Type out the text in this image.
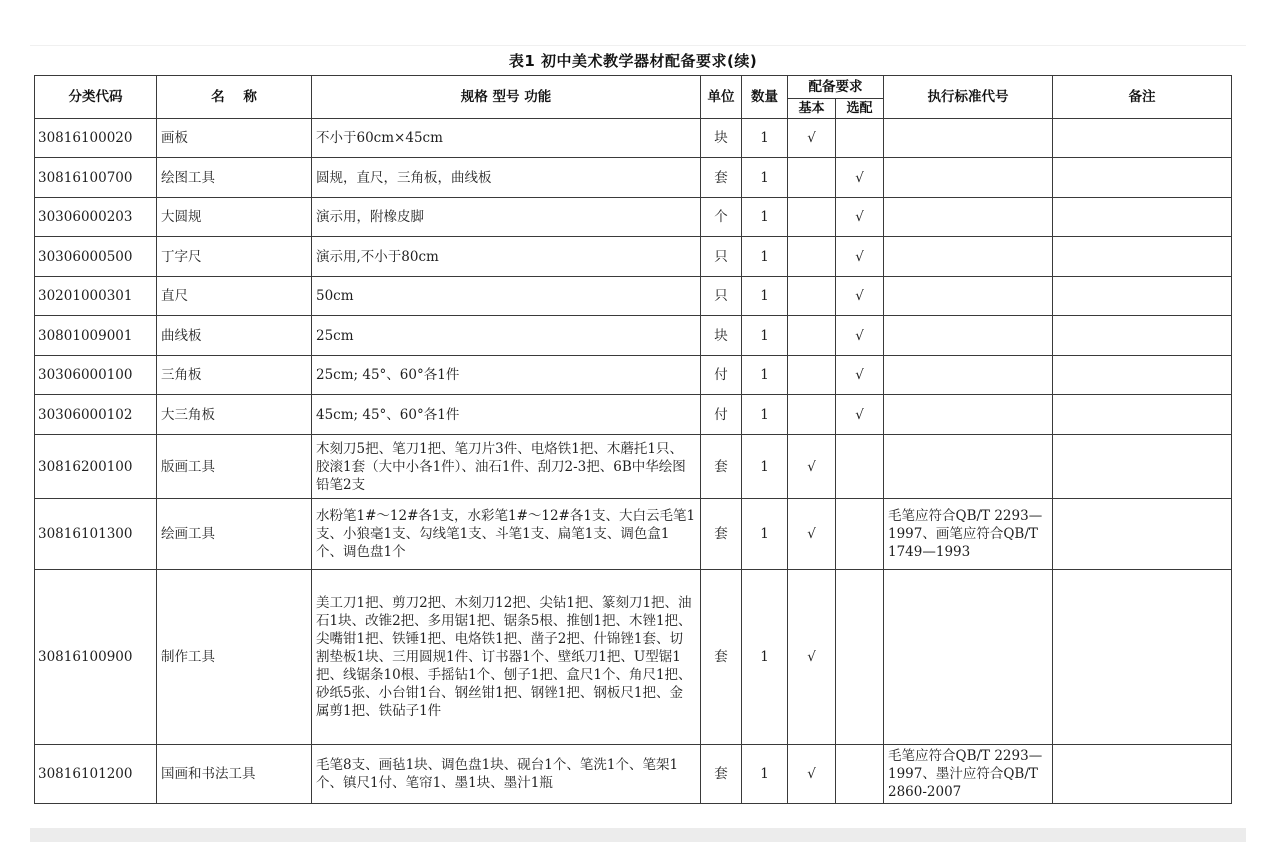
表1 初中美术教学器材配备要求(续)
分类代码	名    称	规格 型号 功能	单位	数量	配备要求		执行标准代号	备注
					基本	选配		
30816100020	画板	不小于60cm×45cm	块	1	√			
30816100700	绘图工具	圆规，直尺，三角板，曲线板	套	1		√		
30306000203	大圆规	演示用，附橡皮脚	个	1		√		
30306000500	丁字尺	演示用,不小于80cm	只	1		√		
30201000301	直尺	50cm	只	1		√		
30801009001	曲线板	25cm	块	1		√		
30306000100	三角板	25cm; 45°、60°各1件	付	1		√		
30306000102	大三角板	45cm; 45°、60°各1件	付	1		√		
30816200100	版画工具	木刻刀5把、笔刀1把、笔刀片3件、电烙铁1把、木蘑托1只、胶滚1套（大中小各1件）、油石1件、刮刀2-3把、6B中华绘图铅笔2支	套	1	√			
30816101300	绘画工具	水粉笔1#～12#各1支，水彩笔1#～12#各1支、大白云毛笔1支、小狼毫1支、勾线笔1支、斗笔1支、扁笔1支、调色盒1个、调色盘1个	套	1	√		毛笔应符合QB/T 2293—1997、画笔应符合QB/T 1749—1993	
30816100900	制作工具	美工刀1把、剪刀2把、木刻刀12把、尖钻1把、篆刻刀1把、油石1块、改锥2把、多用锯1把、锯条5根、推刨1把、木锉1把、尖嘴钳1把、铁锤1把、电烙铁1把、凿子2把、什锦锉1套、切割垫板1块、三用圆规1件、订书器1个、壁纸刀1把、U型锯1把、线锯条10根、手摇钻1个、刨子1把、盒尺1个、角尺1把、砂纸5张、小台钳1台、钢丝钳1把、钢锉1把、钢板尺1把、金属剪1把、铁砧子1件	套	1	√			
30816101200	国画和书法工具	毛笔8支、画毡1块、调色盘1块、砚台1个、笔洗1个、笔架1个、镇尺1付、笔帘1、墨1块、墨汁1瓶	套	1	√		毛笔应符合QB/T 2293—1997、墨汁应符合QB/T 2860-2007	
